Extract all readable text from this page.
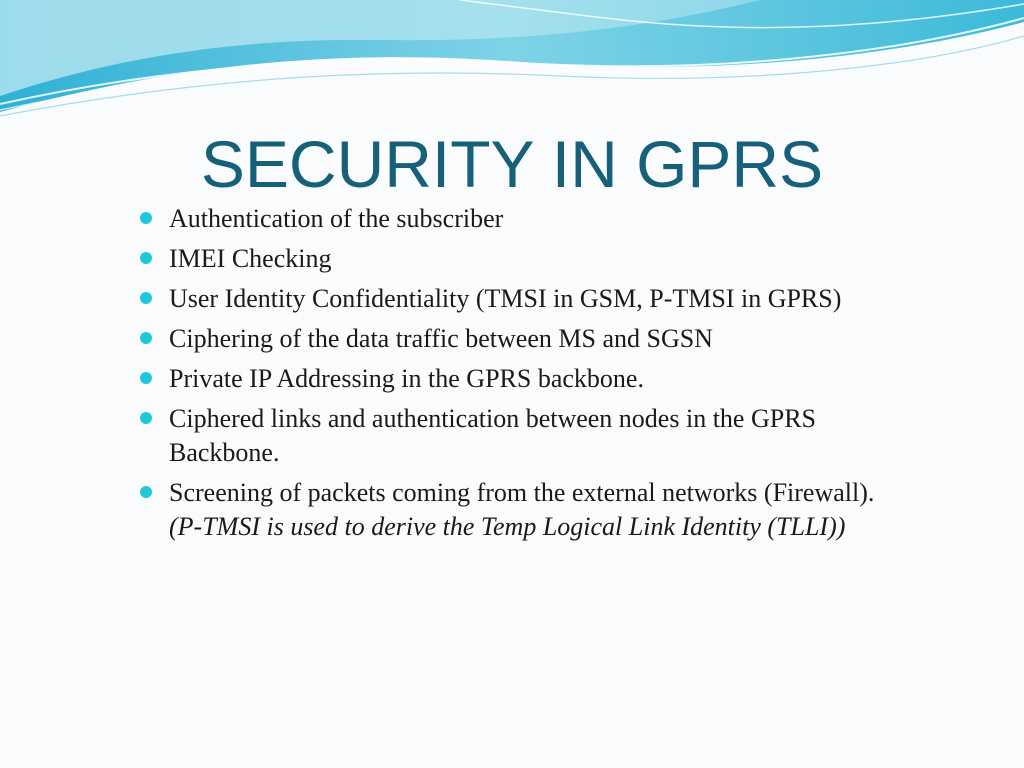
SECURITY IN GPRS
Authentication of the subscriber
IMEI Checking
User Identity Confidentiality (TMSI in GSM, P-TMSI in GPRS)
Ciphering of the data traffic between MS and SGSN
Private IP Addressing in the GPRS backbone.
Ciphered links and authentication between nodes in the GPRS Backbone.
Screening of packets coming from the external networks (Firewall). (P-TMSI is used to derive the Temp Logical Link Identity (TLLI))
